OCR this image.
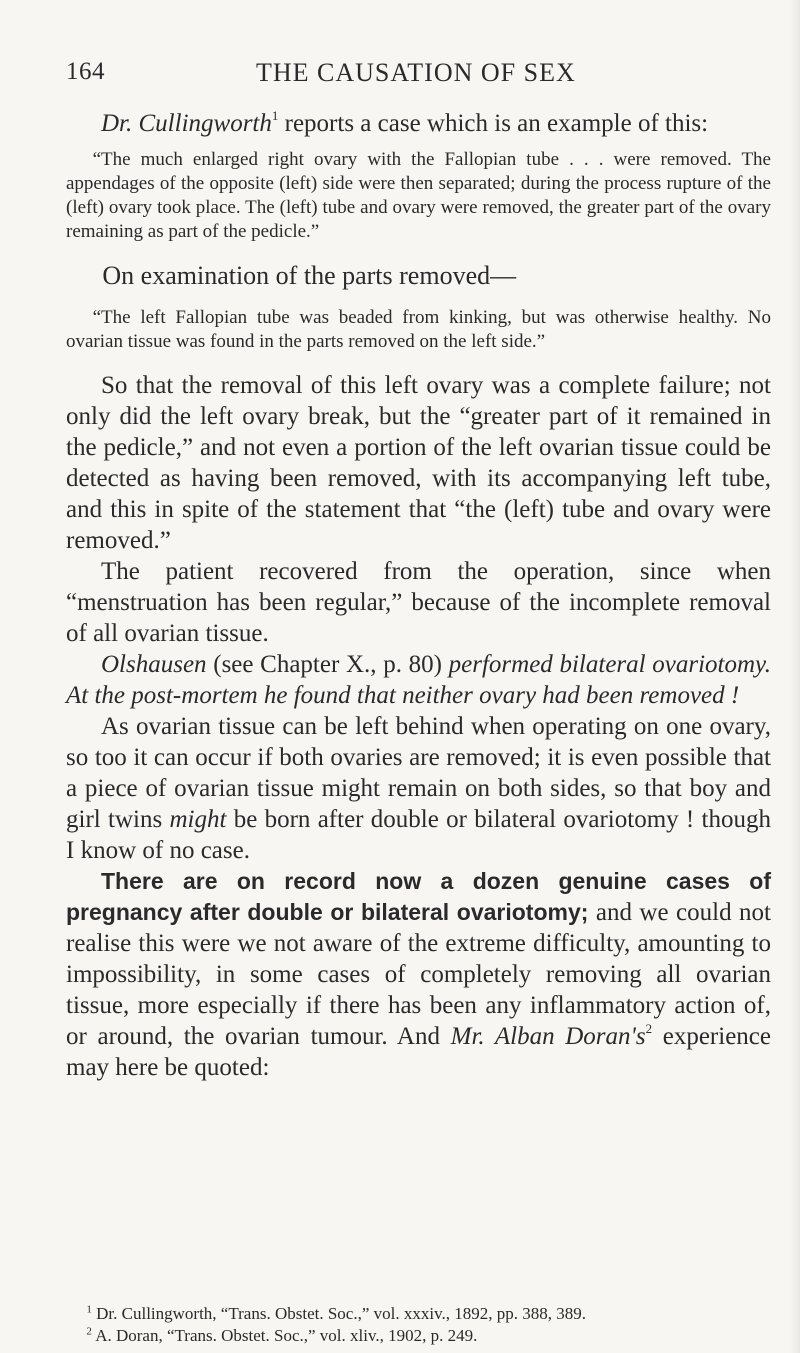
164	THE CAUSATION OF SEX

Dr. Cullingworth$^1$ reports a case which is an example of this:

“The much enlarged right ovary with the Fallopian tube . . . were removed. The appendages of the opposite (left) side were then separated; during the process rupture of the (left) ovary took place. The (left) tube and ovary were removed, the greater part of the ovary remaining as part of the pedicle.”

On examination of the parts removed—

“The left Fallopian tube was beaded from kinking, but was otherwise healthy. No ovarian tissue was found in the parts removed on the left side.”

So that the removal of this left ovary was a complete failure; not only did the left ovary break, but the “greater part of it remained in the pedicle,” and not even a portion of the left ovarian tissue could be detected as having been removed, with its accompanying left tube, and this in spite of the statement that “the (left) tube and ovary were removed.”

The patient recovered from the operation, since when “menstruation has been regular,” because of the incomplete removal of all ovarian tissue.

Olshausen (see Chapter X., p. 80) performed bilateral ovariotomy. At the post-mortem he found that neither ovary had been removed !

As ovarian tissue can be left behind when operating on one ovary, so too it can occur if both ovaries are removed; it is even possible that a piece of ovarian tissue might remain on both sides, so that boy and girl twins might be born after double or bilateral ovariotomy ! though I know of no case.

There are on record now a dozen genuine cases of pregnancy after double or bilateral ovariotomy; and we could not realise this were we not aware of the extreme difficulty, amounting to impossibility, in some cases of completely removing all ovarian tissue, more especially if there has been any inflammatory action of, or around, the ovarian tumour. And Mr. Alban $Doran's^2$ experience may here be quoted:

$^1$ Dr. Cullingworth, “Trans. Obstet. Soc.,” vol. xxxiv., 1892, pp. 388, 389.

$^2$ A. Doran, “Trans. Obstet. Soc.,” vol. xliv., 1902, p. 249.
